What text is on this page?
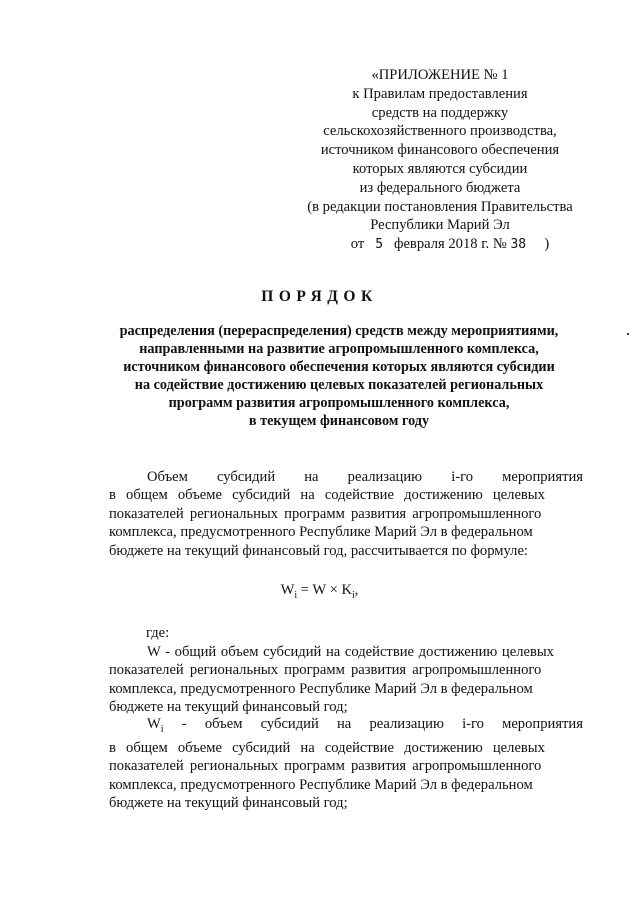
«ПРИЛОЖЕНИЕ № 1
к Правилам предоставления
средств на поддержку
сельскохозяйственного производства,
источником финансового обеспечения
которых являются субсидии
из федерального бюджета
(в редакции постановления Правительства
Республики Марий Эл
от 5 февраля 2018 г. № 38 )
ПОРЯДОК
распределения (перераспределения) средств между мероприятиями,
направленными на развитие агропромышленного комплекса,
источником финансового обеспечения которых являются субсидии
на содействие достижению целевых показателей региональных
программ развития агропромышленного комплекса,
в текущем финансовом году
Объем субсидий на реализацию i-го мероприятия
в общем объеме субсидий на содействие достижению целевых
показателей региональных программ развития агропромышленного
комплекса, предусмотренного Республике Марий Эл в федеральном
бюджете на текущий финансовый год, рассчитывается по формуле:
$W_i = W \times K_i$,
где:
W - общий объем субсидий на содействие достижению целевых
показателей региональных программ развития агропромышленного
комплекса, предусмотренного Республике Марий Эл в федеральном
бюджете на текущий финансовый год;
$W_i$ - объем субсидий на реализацию i-го мероприятия
в общем объеме субсидий на содействие достижению целевых
показателей региональных программ развития агропромышленного
комплекса, предусмотренного Республике Марий Эл в федеральном
бюджете на текущий финансовый год;
